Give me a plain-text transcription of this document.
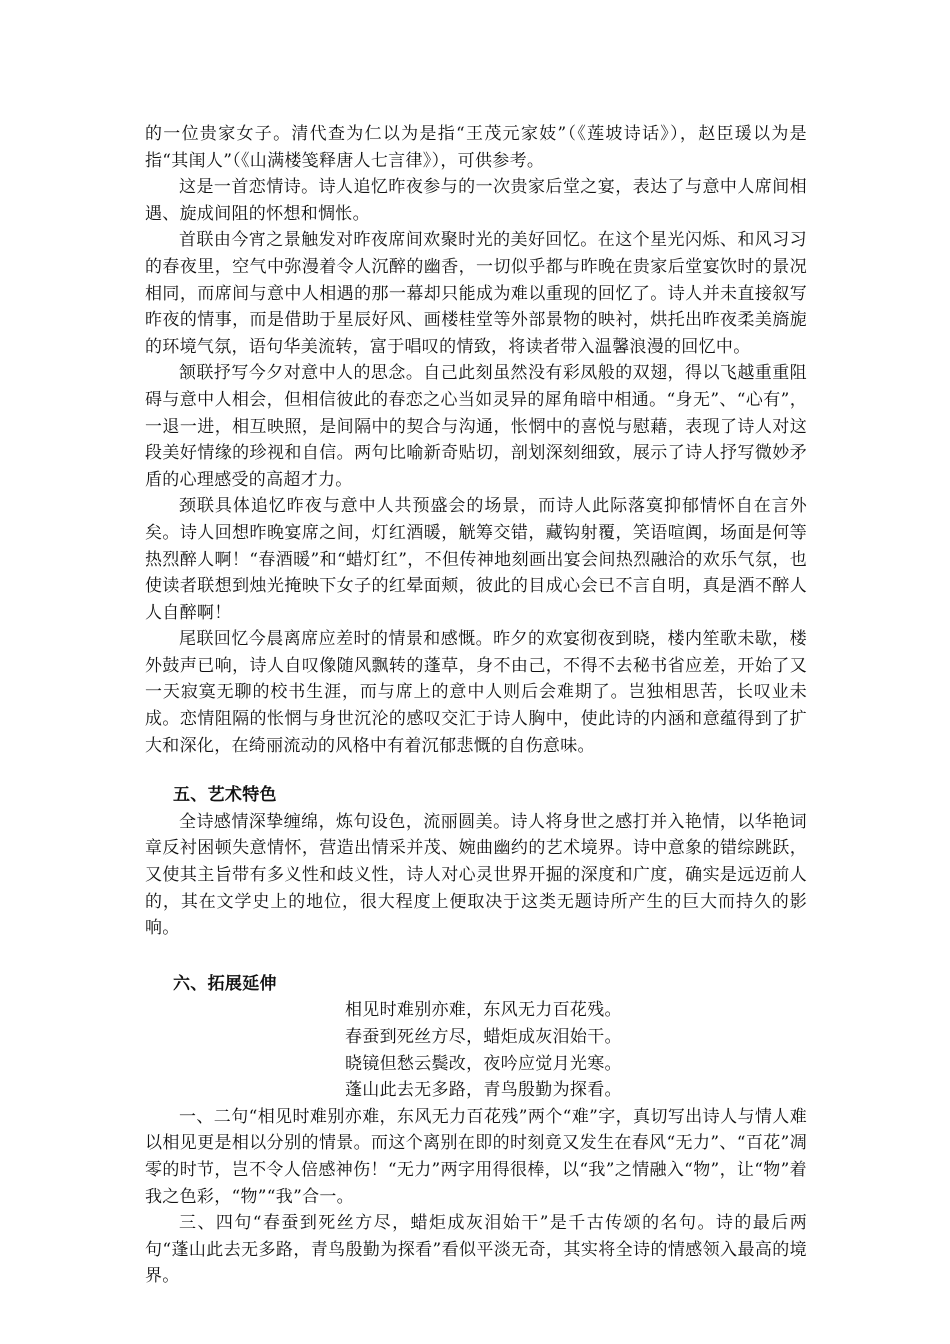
的一位贵家女子。清代查为仁以为是指“王茂元家妓”（《莲坡诗话》），赵臣瑗以为是指“其闺人”（《山满楼笺释唐人七言律》），可供参考。

这是一首恋情诗。诗人追忆昨夜参与的一次贵家后堂之宴，表达了与意中人席间相遇、旋成间阻的怀想和惆怅。

首联由今宵之景触发对昨夜席间欢聚时光的美好回忆。在这个星光闪烁、和风习习的春夜里，空气中弥漫着令人沉醉的幽香，一切似乎都与昨晚在贵家后堂宴饮时的景况相同，而席间与意中人相遇的那一幕却只能成为难以重现的回忆了。诗人并未直接叙写昨夜的情事，而是借助于星辰好风、画楼桂堂等外部景物的映衬，烘托出昨夜柔美旖旎的环境气氛，语句华美流转，富于唱叹的情致，将读者带入温馨浪漫的回忆中。

颔联抒写今夕对意中人的思念。自己此刻虽然没有彩凤般的双翅，得以飞越重重阻碍与意中人相会，但相信彼此的春恋之心当如灵异的犀角暗中相通。“身无”、“心有”，一退一进，相互映照，是间隔中的契合与沟通，怅惘中的喜悦与慰藉，表现了诗人对这段美好情缘的珍视和自信。两句比喻新奇贴切，剖划深刻细致，展示了诗人抒写微妙矛盾的心理感受的高超才力。

颈联具体追忆昨夜与意中人共预盛会的场景，而诗人此际落寞抑郁情怀自在言外矣。诗人回想昨晚宴席之间，灯红酒暖，觥筹交错，藏钩射覆，笑语喧阗，场面是何等热烈醉人啊！“春酒暖”和“蜡灯红”，不但传神地刻画出宴会间热烈融洽的欢乐气氛，也使读者联想到烛光掩映下女子的红晕面颊，彼此的目成心会已不言自明，真是酒不醉人人自醉啊！

尾联回忆今晨离席应差时的情景和感慨。昨夕的欢宴彻夜到晓，楼内笙歌未歇，楼外鼓声已响，诗人自叹像随风飘转的蓬草，身不由己，不得不去秘书省应差，开始了又一天寂寞无聊的校书生涯，而与席上的意中人则后会难期了。岂独相思苦，长叹业未成。恋情阻隔的怅惘与身世沉沦的感叹交汇于诗人胸中，使此诗的内涵和意蕴得到了扩大和深化，在绮丽流动的风格中有着沉郁悲慨的自伤意味。

五、艺术特色

全诗感情深挚缠绵，炼句设色，流丽圆美。诗人将身世之感打并入艳情，以华艳词章反衬困顿失意情怀，营造出情采并茂、婉曲幽约的艺术境界。诗中意象的错综跳跃，又使其主旨带有多义性和歧义性，诗人对心灵世界开掘的深度和广度，确实是远迈前人的，其在文学史上的地位，很大程度上便取决于这类无题诗所产生的巨大而持久的影响。

六、拓展延伸

相见时难别亦难，东风无力百花残。

春蚕到死丝方尽，蜡炬成灰泪始干。

晓镜但愁云鬓改，夜吟应觉月光寒。

蓬山此去无多路，青鸟殷勤为探看。

一、二句“相见时难别亦难，东风无力百花残”两个“难”字，真切写出诗人与情人难以相见更是相以分别的情景。而这个离别在即的时刻竟又发生在春风“无力”、“百花”凋零的时节，岂不令人倍感神伤！“无力”两字用得很棒，以“我”之情融入“物”，让“物”着我之色彩，“物”“我”合一。

三、四句“春蚕到死丝方尽，蜡炬成灰泪始干”是千古传颂的名句。诗的最后两句“蓬山此去无多路，青鸟殷勤为探看”看似平淡无奇，其实将全诗的情感领入最高的境界。
